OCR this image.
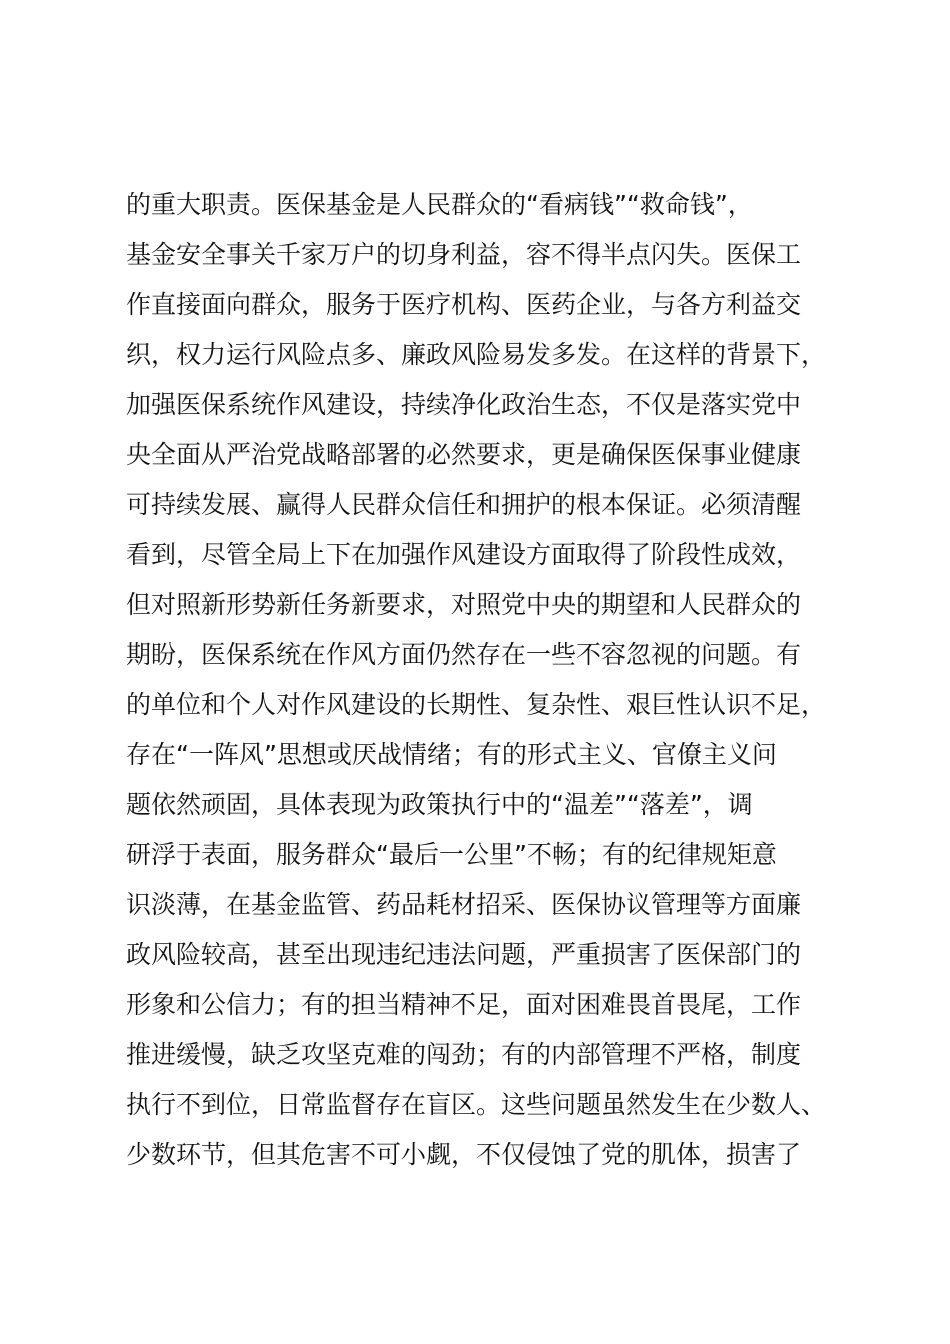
的重大职责。医保基金是人民群众的“看病钱”“救命钱”，
基金安全事关千家万户的切身利益，容不得半点闪失。医保工
作直接面向群众，服务于医疗机构、医药企业，与各方利益交
织，权力运行风险点多、廉政风险易发多发。在这样的背景下，
加强医保系统作风建设，持续净化政治生态，不仅是落实党中
央全面从严治党战略部署的必然要求，更是确保医保事业健康
可持续发展、赢得人民群众信任和拥护的根本保证。必须清醒
看到，尽管全局上下在加强作风建设方面取得了阶段性成效，
但对照新形势新任务新要求，对照党中央的期望和人民群众的
期盼，医保系统在作风方面仍然存在一些不容忽视的问题。有
的单位和个人对作风建设的长期性、复杂性、艰巨性认识不足，
存在“一阵风”思想或厌战情绪；有的形式主义、官僚主义问
题依然顽固，具体表现为政策执行中的“温差”“落差”，调
研浮于表面，服务群众“最后一公里”不畅；有的纪律规矩意
识淡薄，在基金监管、药品耗材招采、医保协议管理等方面廉
政风险较高，甚至出现违纪违法问题，严重损害了医保部门的
形象和公信力；有的担当精神不足，面对困难畏首畏尾，工作
推进缓慢，缺乏攻坚克难的闯劲；有的内部管理不严格，制度
执行不到位，日常监督存在盲区。这些问题虽然发生在少数人、
少数环节，但其危害不可小觑，不仅侵蚀了党的肌体，损害了
